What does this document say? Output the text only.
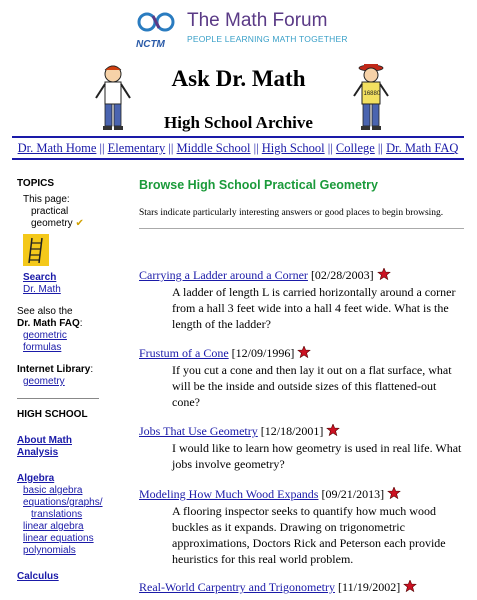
NCTM
The Math Forum
PEOPLE LEARNING MATH TOGETHER
16880
Ask Dr. Math
High School Archive
Dr. Math Home || Elementary || Middle School || High School || College || Dr. Math FAQ
TOPICS
This page:
practical
geometry ✔
Search
Dr. Math
See also the
Dr. Math FAQ:
geometric
formulas
Internet Library:
geometry
HIGH SCHOOL
About Math
Analysis
Algebra
basic algebra
equations/graphs/
translations
linear algebra
linear equations
polynomials
Calculus
Browse High School Practical Geometry
Stars indicate particularly interesting answers or good places to begin browsing.
Carrying a Ladder around a Corner [02/28/2003]
A ladder of length L is carried horizontally around a corner from a hall 3 feet wide into a hall 4 feet wide. What is the length of the ladder?
Frustum of a Cone [12/09/1996]
If you cut a cone and then lay it out on a flat surface, what will be the inside and outside sizes of this flattened-out cone?
Jobs That Use Geometry [12/18/2001]
I would like to learn how geometry is used in real life. What jobs involve geometry?
Modeling How Much Wood Expands [09/21/2013]
A flooring inspector seeks to quantify how much wood buckles as it expands. Drawing on trigonometric approximations, Doctors Rick and Peterson each provide heuristics for this real world problem.
Real-World Carpentry and Trigonometry [11/19/2002]
